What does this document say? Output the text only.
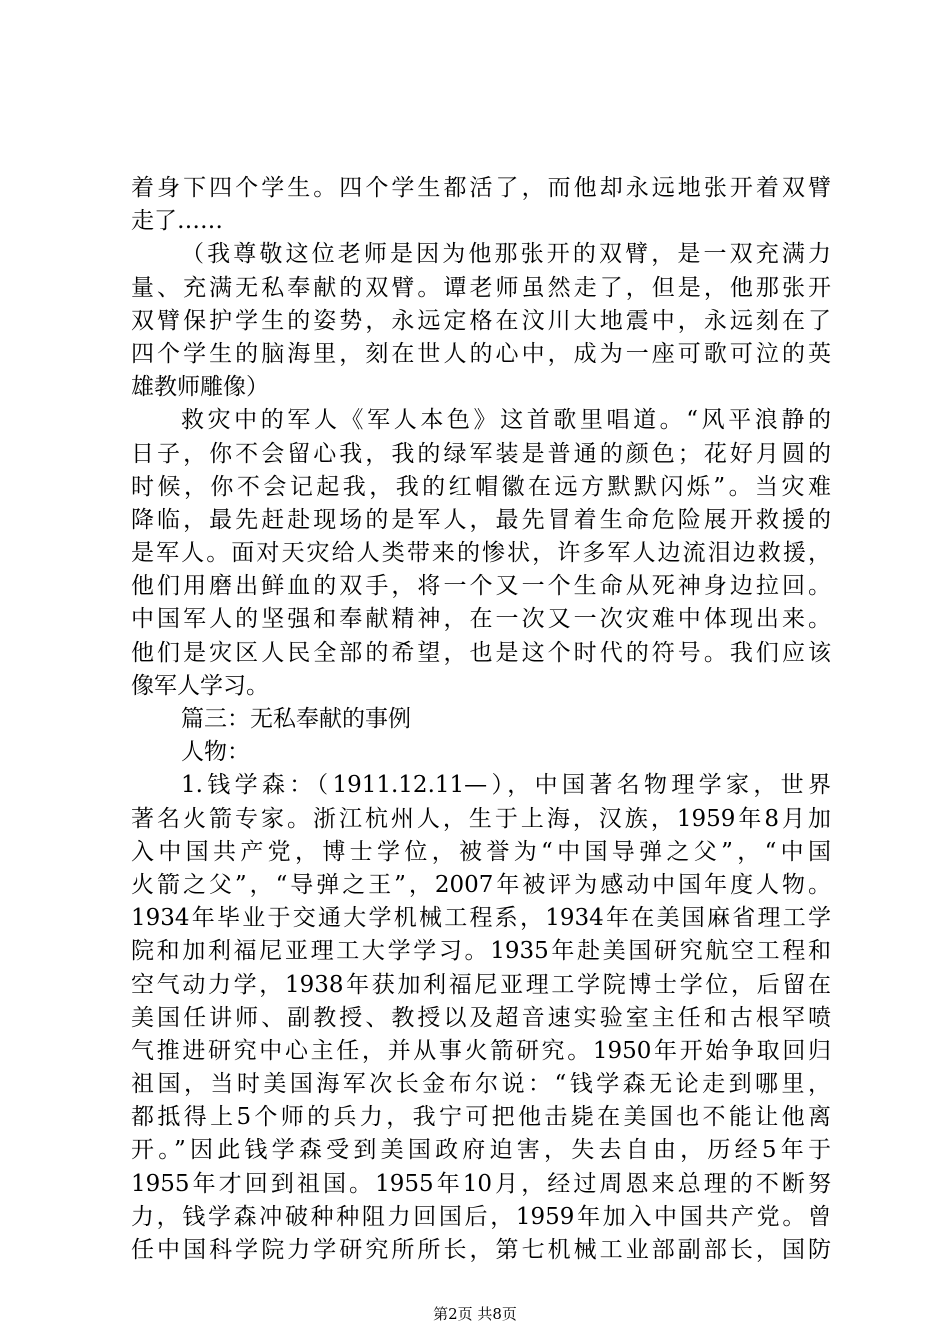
着身下四个学生。四个学生都活了，而他却永远地张开着双臂
走了……
（我尊敬这位老师是因为他那张开的双臂，是一双充满力
量、充满无私奉献的双臂。谭老师虽然走了，但是，他那张开
双臂保护学生的姿势，永远定格在汶川大地震中，永远刻在了
四个学生的脑海里，刻在世人的心中，成为一座可歌可泣的英
雄教师雕像）
救灾中的军人《军人本色》这首歌里唱道。“风平浪静的
日子，你不会留心我，我的绿军装是普通的颜色；花好月圆的
时候，你不会记起我，我的红帽徽在远方默默闪烁”。当灾难
降临，最先赶赴现场的是军人，最先冒着生命危险展开救援的
是军人。面对天灾给人类带来的惨状，许多军人边流泪边救援，
他们用磨出鲜血的双手，将一个又一个生命从死神身边拉回。
中国军人的坚强和奉献精神，在一次又一次灾难中体现出来。
他们是灾区人民全部的希望，也是这个时代的符号。我们应该
像军人学习。
篇三：无私奉献的事例
人物：
1.钱学森：（1911.12.11—），中国著名物理学家，世界
著名火箭专家。浙江杭州人，生于上海，汉族，1959年8月加
入中国共产党，博士学位，被誉为“中国导弹之父”，“中国
火箭之父”，“导弹之王”，2007年被评为感动中国年度人物。
1934年毕业于交通大学机械工程系，1934年在美国麻省理工学
院和加利福尼亚理工大学学习。1935年赴美国研究航空工程和
空气动力学，1938年获加利福尼亚理工学院博士学位，后留在
美国任讲师、副教授、教授以及超音速实验室主任和古根罕喷
气推进研究中心主任，并从事火箭研究。1950年开始争取回归
祖国，当时美国海军次长金布尔说：“钱学森无论走到哪里，
都抵得上5个师的兵力，我宁可把他击毙在美国也不能让他离
开。”因此钱学森受到美国政府迫害，失去自由，历经5年于
1955年才回到祖国。1955年10月，经过周恩来总理的不断努
力，钱学森冲破种种阻力回国后，1959年加入中国共产党。曾
任中国科学院力学研究所所长，第七机械工业部副部长，国防
第2页 共8页
